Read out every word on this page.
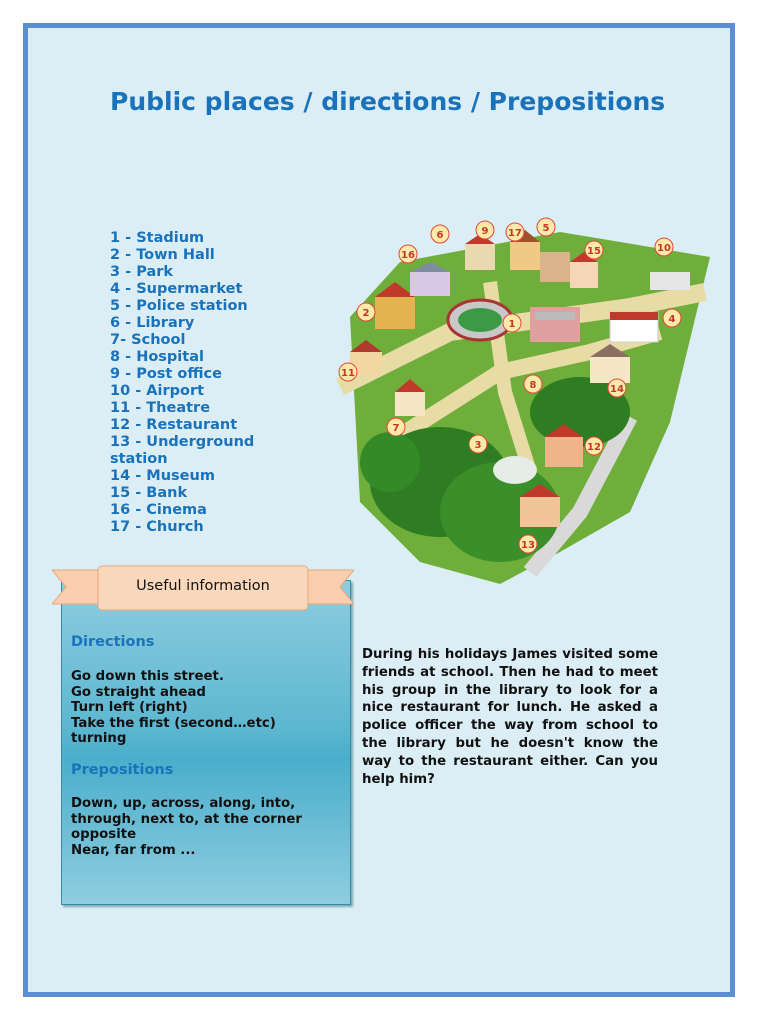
Public places / directions / Prepositions
1 - Stadium
2 - Town Hall
3 - Park
4 - Supermarket
5 - Police station
6 - Library
7- School
8 - Hospital
9 - Post office
10 - Airport
11 - Theatre
12 - Restaurant
13 - Underground station
14 - Museum
15 - Bank
16 - Cinema
17 - Church
1
2
3
4
5
6
7
8
9
10
11
12
13
14
15
16
17
Useful information
Directions

Go down this street.
Go straight ahead
Turn left (right)
Take the first (second…etc)
turning

Prepositions

Down, up, across, along, into,
through, next to, at the corner
opposite
Near, far from ...

During his holidays James visited some friends at school. Then he had to meet his group in the library to look for a nice restaurant for lunch. He asked a police officer the way from school to the library but he doesn't know the way to the restaurant either. Can you help him?
